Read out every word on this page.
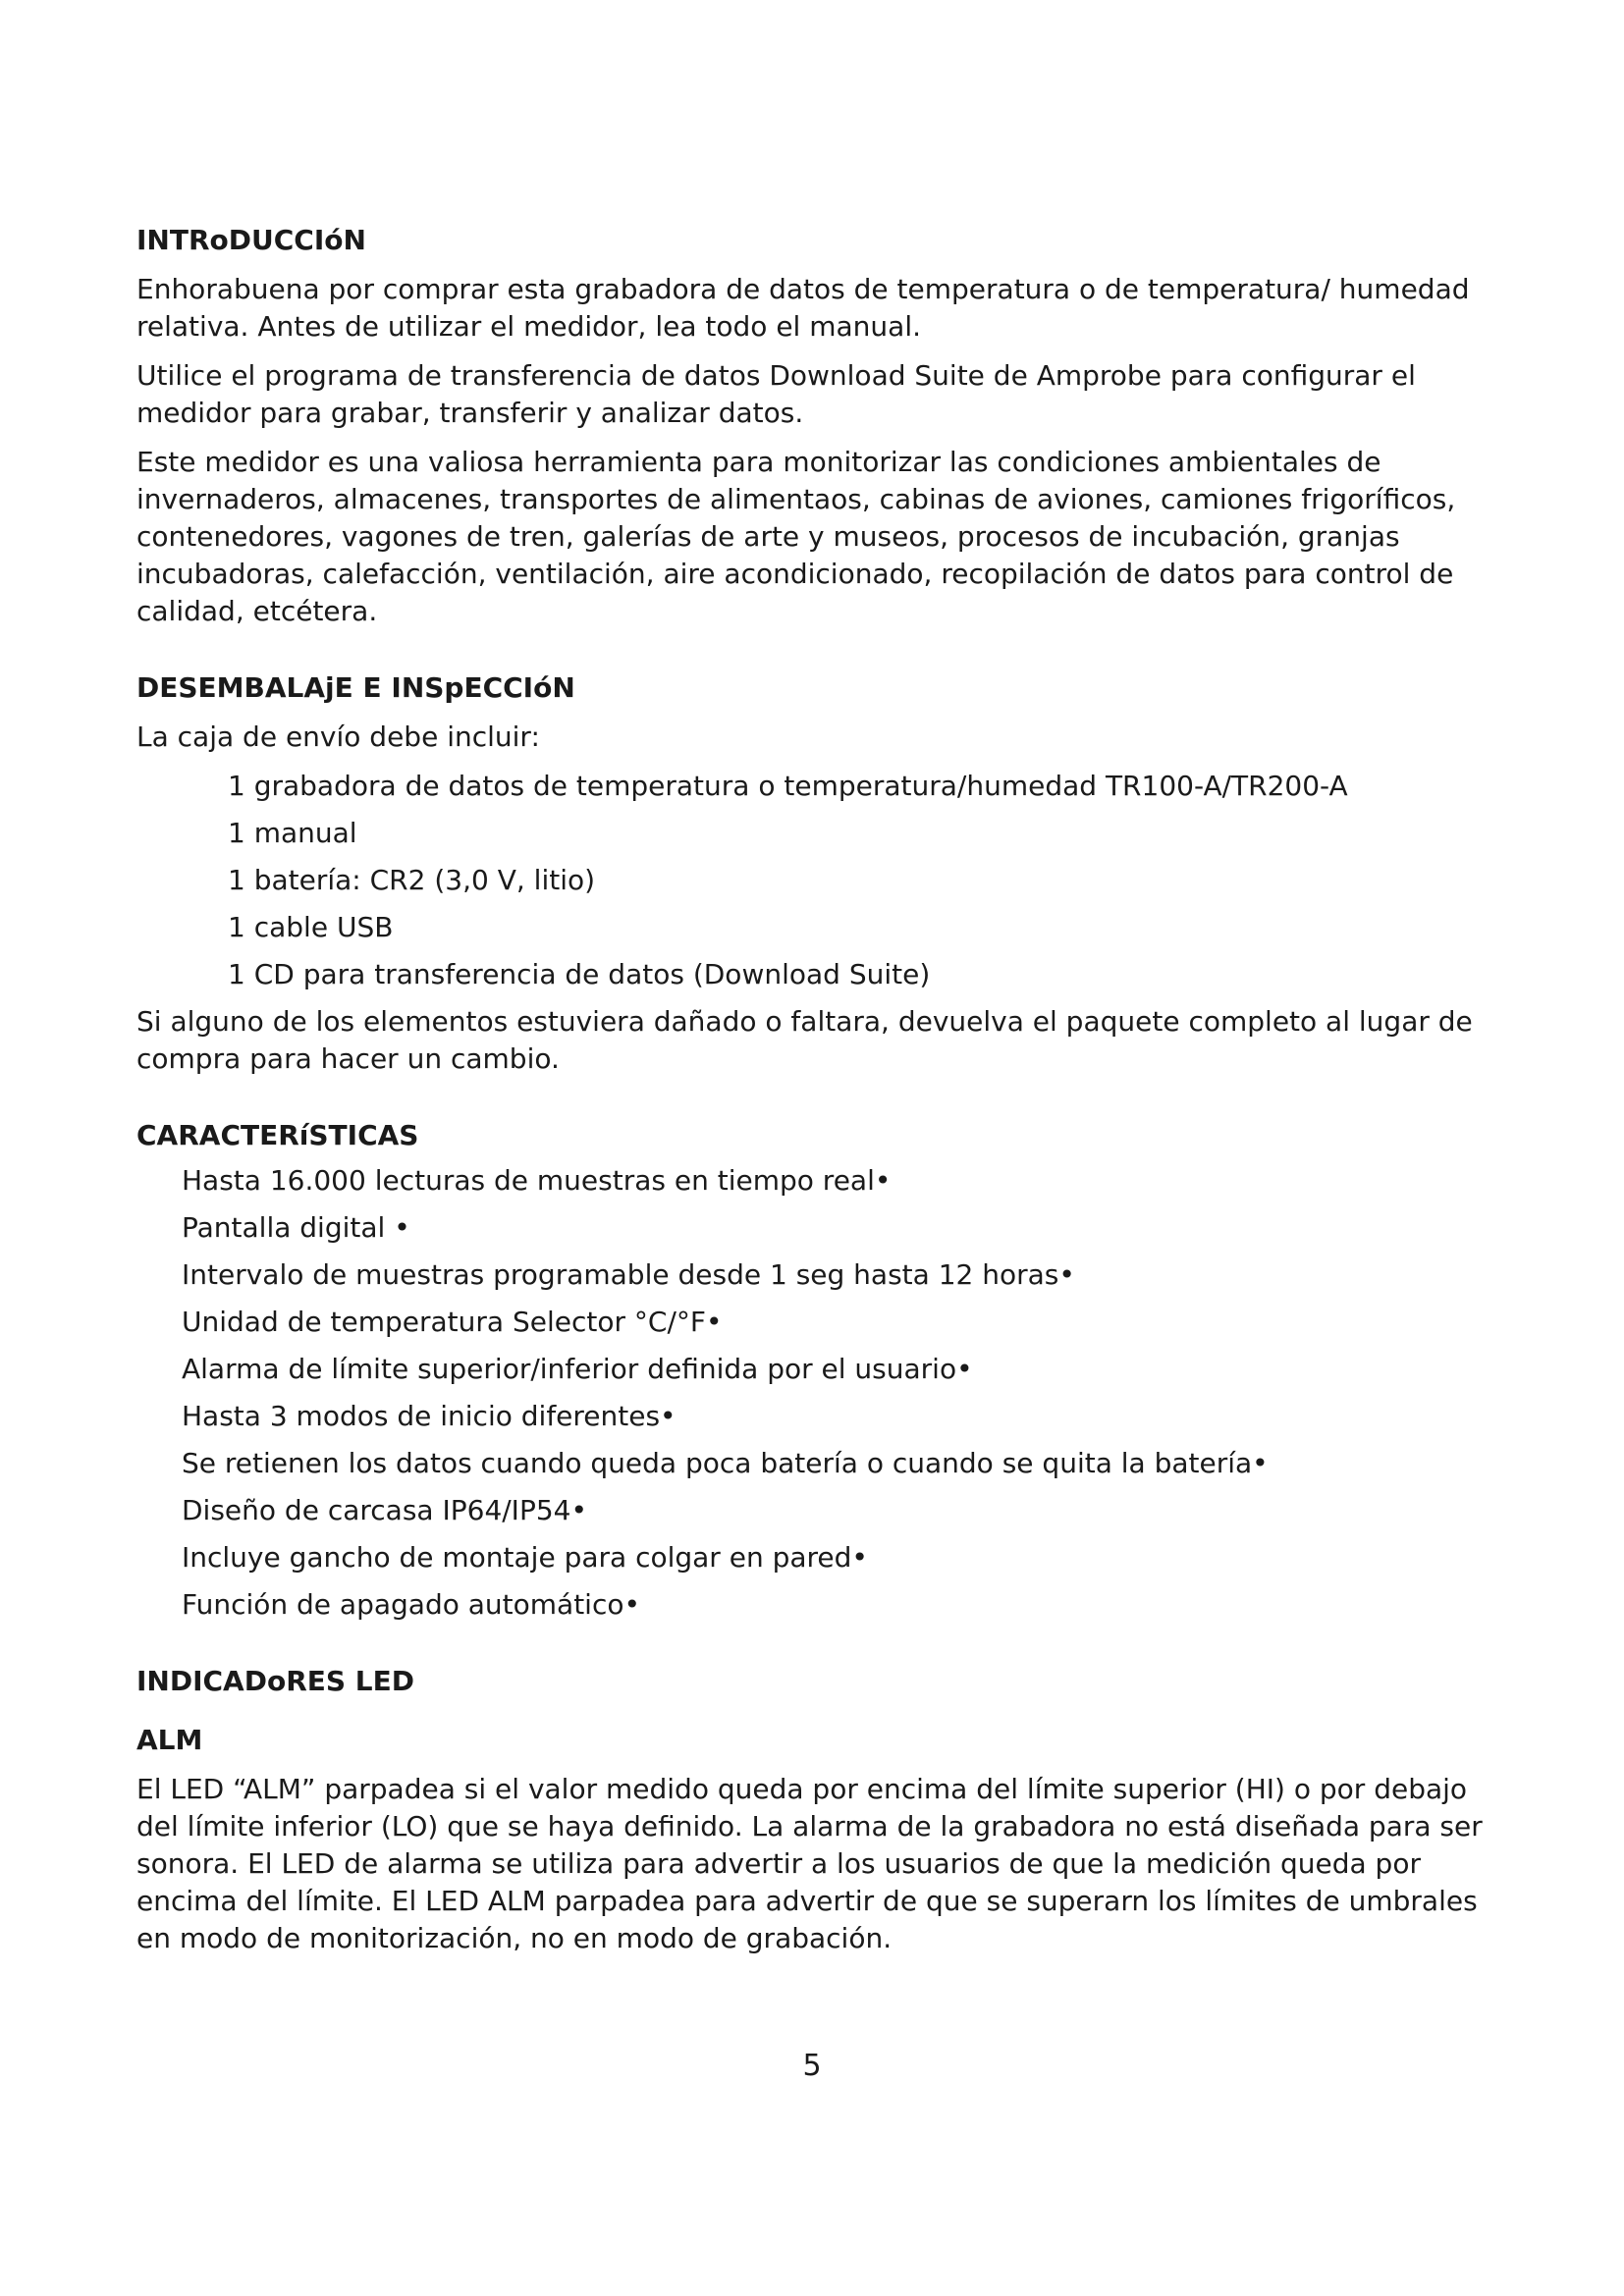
INTRoDUCCIóN

Enhorabuena por comprar esta grabadora de datos de temperatura o de temperatura/ humedad relativa. Antes de utilizar el medidor, lea todo el manual.

Utilice el programa de transferencia de datos Download Suite de Amprobe para configurar el medidor para grabar, transferir y analizar datos.

Este medidor es una valiosa herramienta para monitorizar las condiciones ambientales de invernaderos, almacenes, transportes de alimentaos, cabinas de aviones, camiones frigoríficos, contenedores, vagones de tren, galerías de arte y museos, procesos de incubación, granjas incubadoras, calefacción, ventilación, aire acondicionado, recopilación de datos para control de calidad, etcétera.

DESEMBALAjE E INSpECCIóN

La caja de envío debe incluir:

1 grabadora de datos de temperatura o temperatura/humedad TR100-A/TR200-A
1 manual
1 batería: CR2 (3,0 V, litio)
1 cable USB
1 CD para transferencia de datos (Download Suite)

Si alguno de los elementos estuviera dañado o faltara, devuelva el paquete completo al lugar de compra para hacer un cambio.

CARACTERíSTICAS
Hasta 16.000 lecturas de muestras en tiempo real•
Pantalla digital •
Intervalo de muestras programable desde 1 seg hasta 12 horas•
Unidad de temperatura Selector °C/°F•
Alarma de límite superior/inferior definida por el usuario•
Hasta 3 modos de inicio diferentes•
Se retienen los datos cuando queda poca batería o cuando se quita la batería•
Diseño de carcasa IP64/IP54•
Incluye gancho de montaje para colgar en pared•
Función de apagado automático•
INDICADoRES LED
ALM

El LED “ALM” parpadea si el valor medido queda por encima del límite superior (HI) o por debajo del límite inferior (LO) que se haya definido. La alarma de la grabadora no está diseñada para ser sonora. El LED de alarma se utiliza para advertir a los usuarios de que la medición queda por encima del límite. El LED ALM parpadea para advertir de que se superarn los límites de umbrales en modo de monitorización, no en modo de grabación.

5
